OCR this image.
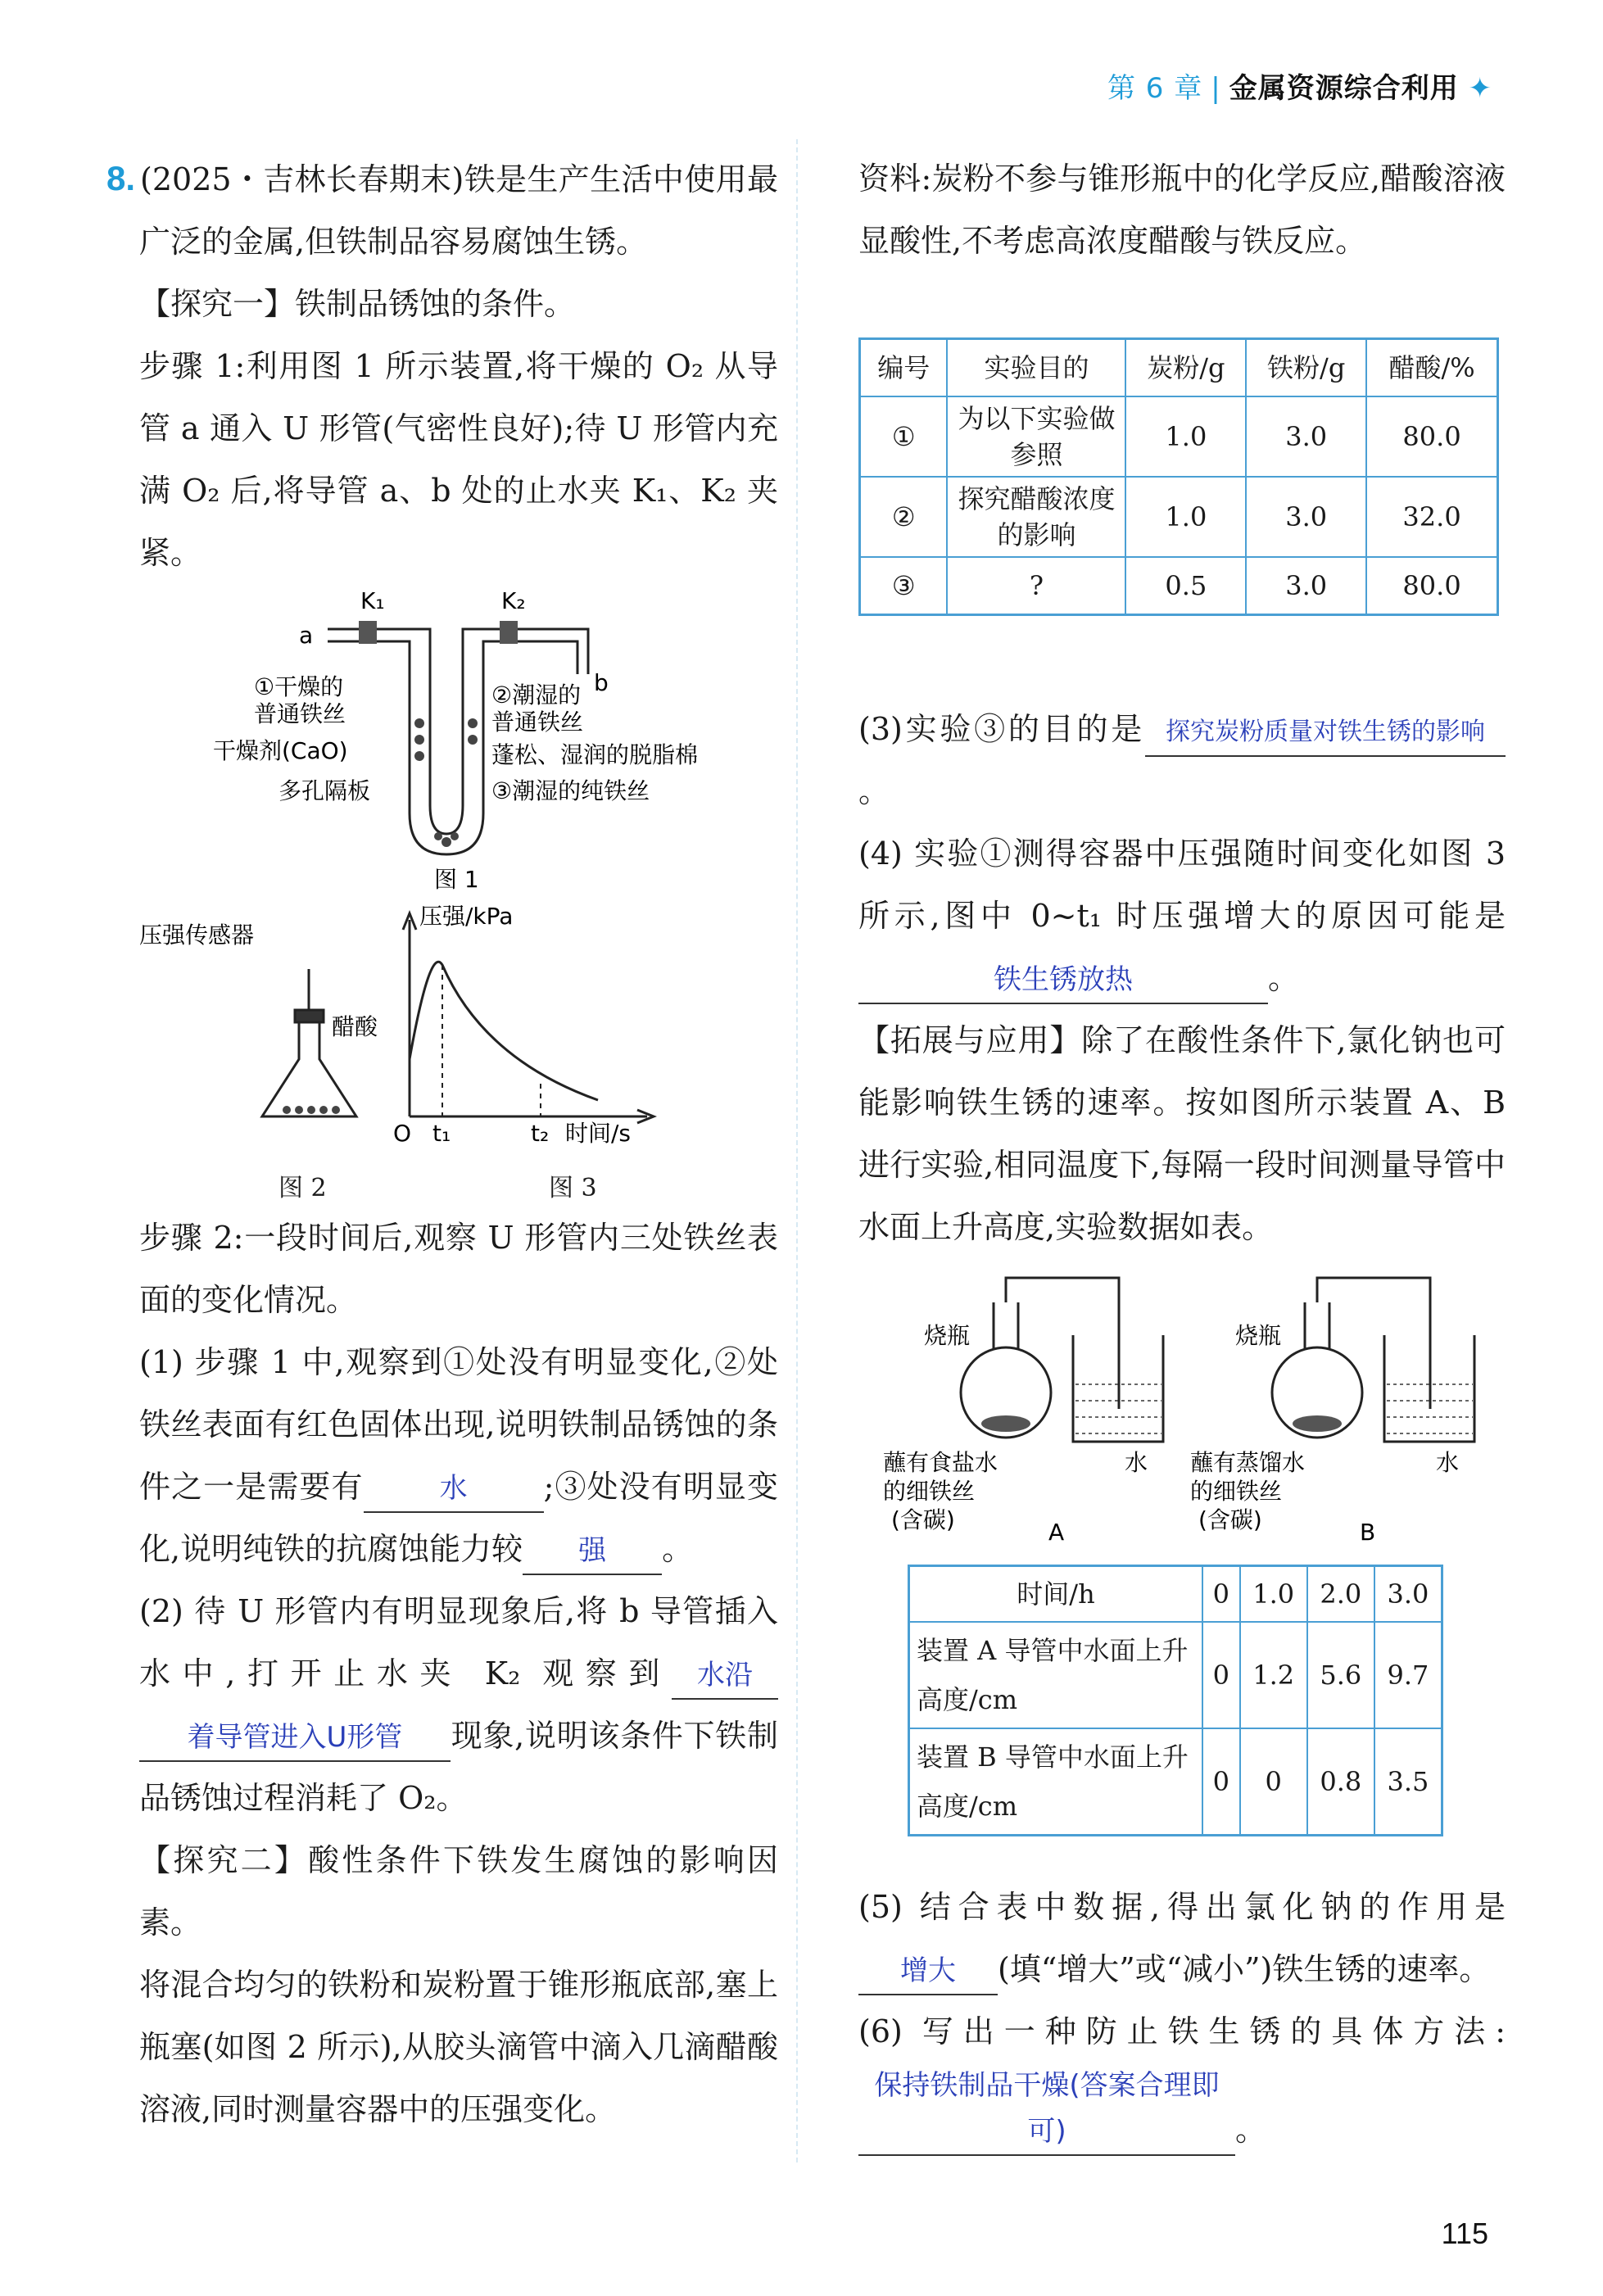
第 6 章 | 金属资源综合利用 ✦

8. (2025・吉林长春期末)铁是生产生活中使用最广泛的金属,但铁制品容易腐蚀生锈。

【探究一】铁制品锈蚀的条件。

步骤 1:利用图 1 所示装置,将干燥的 O₂ 从导管 a 通入 U 形管(气密性良好);待 U 形管内充满 O₂ 后,将导管 a、b 处的止水夹 K₁、K₂ 夹紧。

K₁	K₂
a
b
①干燥的
普通铁丝
②潮湿的
普通铁丝
干燥剂(CaO)	蓬松、湿润的脱脂棉
多孔隔板	③潮湿的纯铁丝
图 1
压强传感器
醋酸
压强/kPa
O t₁	t₂ 时间/s
图 2	图 3

步骤 2:一段时间后,观察 U 形管内三处铁丝表面的变化情况。

(1) 步骤 1 中,观察到①处没有明显变化,②处铁丝表面有红色固体出现,说明铁制品锈蚀的条件之一是需要有	水 ;③处没有明显变化,说明纯铁的抗腐蚀能力较 强 。

(2) 待 U 形管内有明显现象后,将 b 导管插入水中,打开止水夹 K₂ 观察到 水沿着导管进入U形管 现象,说明该条件下铁制品锈蚀过程消耗了 O₂。

【探究二】酸性条件下铁发生腐蚀的影响因素。

将混合均匀的铁粉和炭粉置于锥形瓶底部,塞上瓶塞(如图 2 所示),从胶头滴管中滴入几滴醋酸溶液,同时测量容器中的压强变化。

资料:炭粉不参与锥形瓶中的化学反应,醋酸溶液显酸性,不考虑高浓度醋酸与铁反应。

编号	实验目的	炭粉/g	铁粉/g	醋酸/%
①	为以下实验做参照	1.0	3.0	80.0
②	探究醋酸浓度的影响	1.0	3.0	32.0
③	?	0.5	3.0	80.0

(3)实验③的目的是 探究炭粉质量对铁生锈的影响。

(4) 实验①测得容器中压强随时间变化如图 3 所示,图中 0~t₁ 时压强增大的原因可能是铁生锈放热	。

【拓展与应用】除了在酸性条件下,氯化钠也可能影响铁生锈的速率。按如图所示装置 A、B 进行实验,相同温度下,每隔一段时间测量导管中水面上升高度,实验数据如表。

烧瓶	烧瓶
水	水
蘸有食盐水
的细铁丝
(含碳)
蘸有蒸馏水
的细铁丝
(含碳)
A	B
时间/h	0	1.0	2.0	3.0
装置 A 导管中水面上升高度/cm	0	1.2	5.6	9.7
装置 B 导管中水面上升高度/cm	0	0	0.8	3.5

(5) 结合表中数据,得出氯化钠的作用是增大 (填“增大”或“减小”)铁生锈的速率。

(6) 写出一种防止铁生锈的具体方法:保持铁制品干燥(答案合理即可)	。

115
